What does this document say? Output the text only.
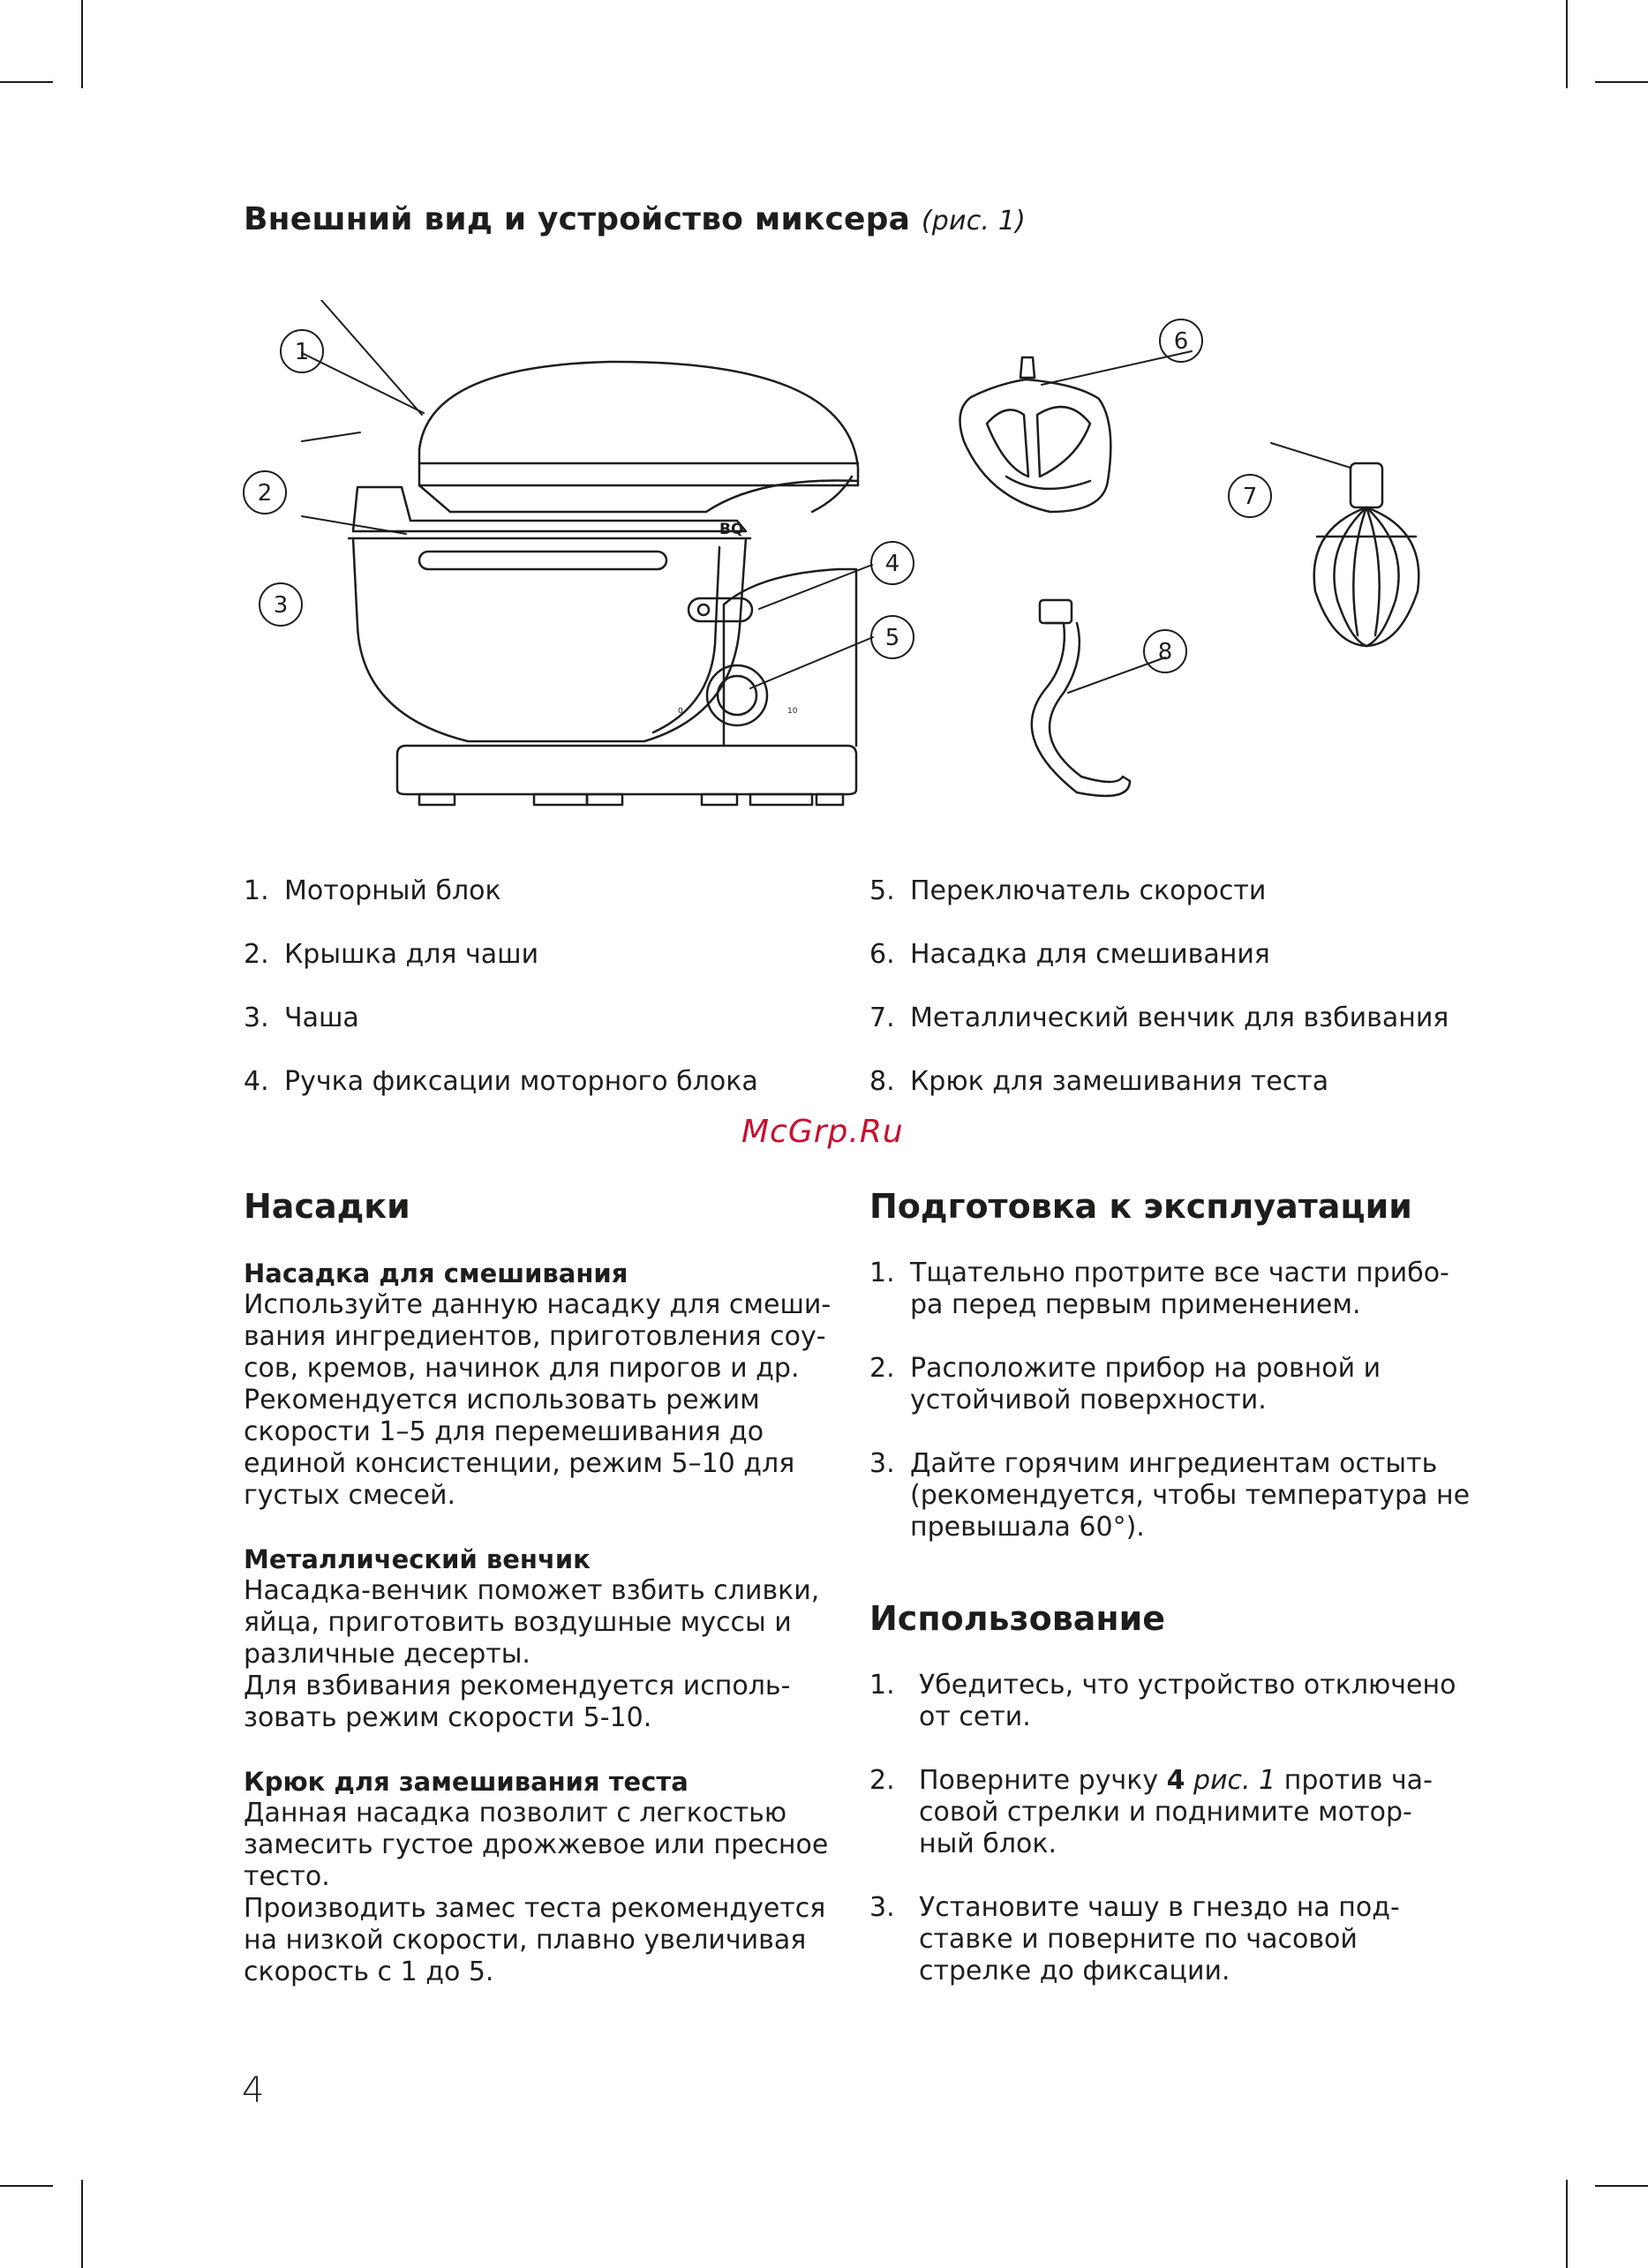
Внешний вид и устройство миксера (рис. 1)
BQ
0	10
1
2
3
4
5
6
7
8
1. Моторный блок
2. Крышка для чаши
3. Чаша
4. Ручка фиксации моторного блока
5. Переключатель скорости
6. Насадка для смешивания
7. Металлический венчик для взбивания
8. Крюк для замешивания теста
McGrp.Ru
Насадки

Насадка для смешивания

Используйте данную насадку для смеши-

вания ингредиентов, приготовления соу-

сов, кремов, начинок для пирогов и др.

Рекомендуется использовать режим

скорости 1–5 для перемешивания до

единой консистенции, режим 5–10 для

густых смесей.

Металлический венчик

Насадка-венчик поможет взбить сливки,

яйца, приготовить воздушные муссы и

различные десерты.

Для взбивания рекомендуется исполь-

зовать режим скорости 5-10.

Крюк для замешивания теста

Данная насадка позволит с легкостью

замесить густое дрожжевое или пресное

тесто.

Производить замес теста рекомендуется

на низкой скорости, плавно увеличивая

скорость с 1 до 5.

Подготовка к эксплуатации
1. Тщательно протрите все части прибо-
ра перед первым применением.
2. Расположите прибор на ровной и
устойчивой поверхности.
3. Дайте горячим ингредиентам остыть
(рекомендуется, чтобы температура не
превышала 60°).
Использование
1. Убедитесь, что устройство отключено
от сети.
2. Поверните ручку 4 рис. 1 против ча-
совой стрелки и поднимите мотор-
ный блок.
3. Установите чашу в гнездо на под-
ставке и поверните по часовой
стрелке до фиксации.
4
